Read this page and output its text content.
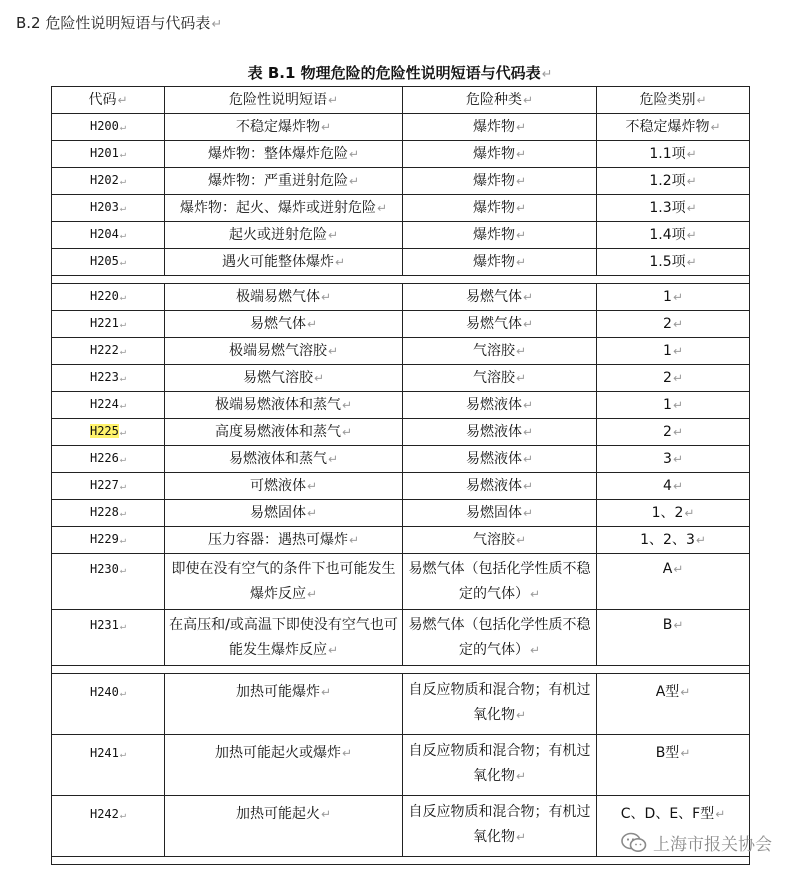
B.2 危险性说明短语与代码表↵
表 B.1 物理危险的危险性说明短语与代码表↵
代码↵	危险性说明短语↵	危险种类↵	危险类别↵
H200↵	不稳定爆炸物↵	爆炸物↵	不稳定爆炸物↵
H201↵	爆炸物：整体爆炸危险↵	爆炸物↵	1.1项↵
H202↵	爆炸物：严重迸射危险↵	爆炸物↵	1.2项↵
H203↵	爆炸物：起火、爆炸或迸射危险↵	爆炸物↵	1.3项↵
H204↵	起火或迸射危险↵	爆炸物↵	1.4项↵
H205↵	遇火可能整体爆炸↵	爆炸物↵	1.5项↵

H220↵	极端易燃气体↵	易燃气体↵	1↵
H221↵	易燃气体↵	易燃气体↵	2↵
H222↵	极端易燃气溶胶↵	气溶胶↵	1↵
H223↵	易燃气溶胶↵	气溶胶↵	2↵
H224↵	极端易燃液体和蒸气↵	易燃液体↵	1↵
H225↵	高度易燃液体和蒸气↵	易燃液体↵	2↵
H226↵	易燃液体和蒸气↵	易燃液体↵	3↵
H227↵	可燃液体↵	易燃液体↵	4↵
H228↵	易燃固体↵	易燃固体↵	1、2↵
H229↵	压力容器：遇热可爆炸↵	气溶胶↵	1、2、3↵
H230↵	即使在没有空气的条件下也可能发生爆炸反应↵	易燃气体（包括化学性质不稳定的气体）↵	A↵
H231↵	在高压和/或高温下即使没有空气也可能发生爆炸反应↵	易燃气体（包括化学性质不稳定的气体）↵	B↵

H240↵	加热可能爆炸↵	自反应物质和混合物；有机过氧化物↵	A型↵
H241↵	加热可能起火或爆炸↵	自反应物质和混合物；有机过氧化物↵	B型↵
H242↵	加热可能起火↵	自反应物质和混合物；有机过氧化物↵	C、D、E、F型↵

上海市报关协会
